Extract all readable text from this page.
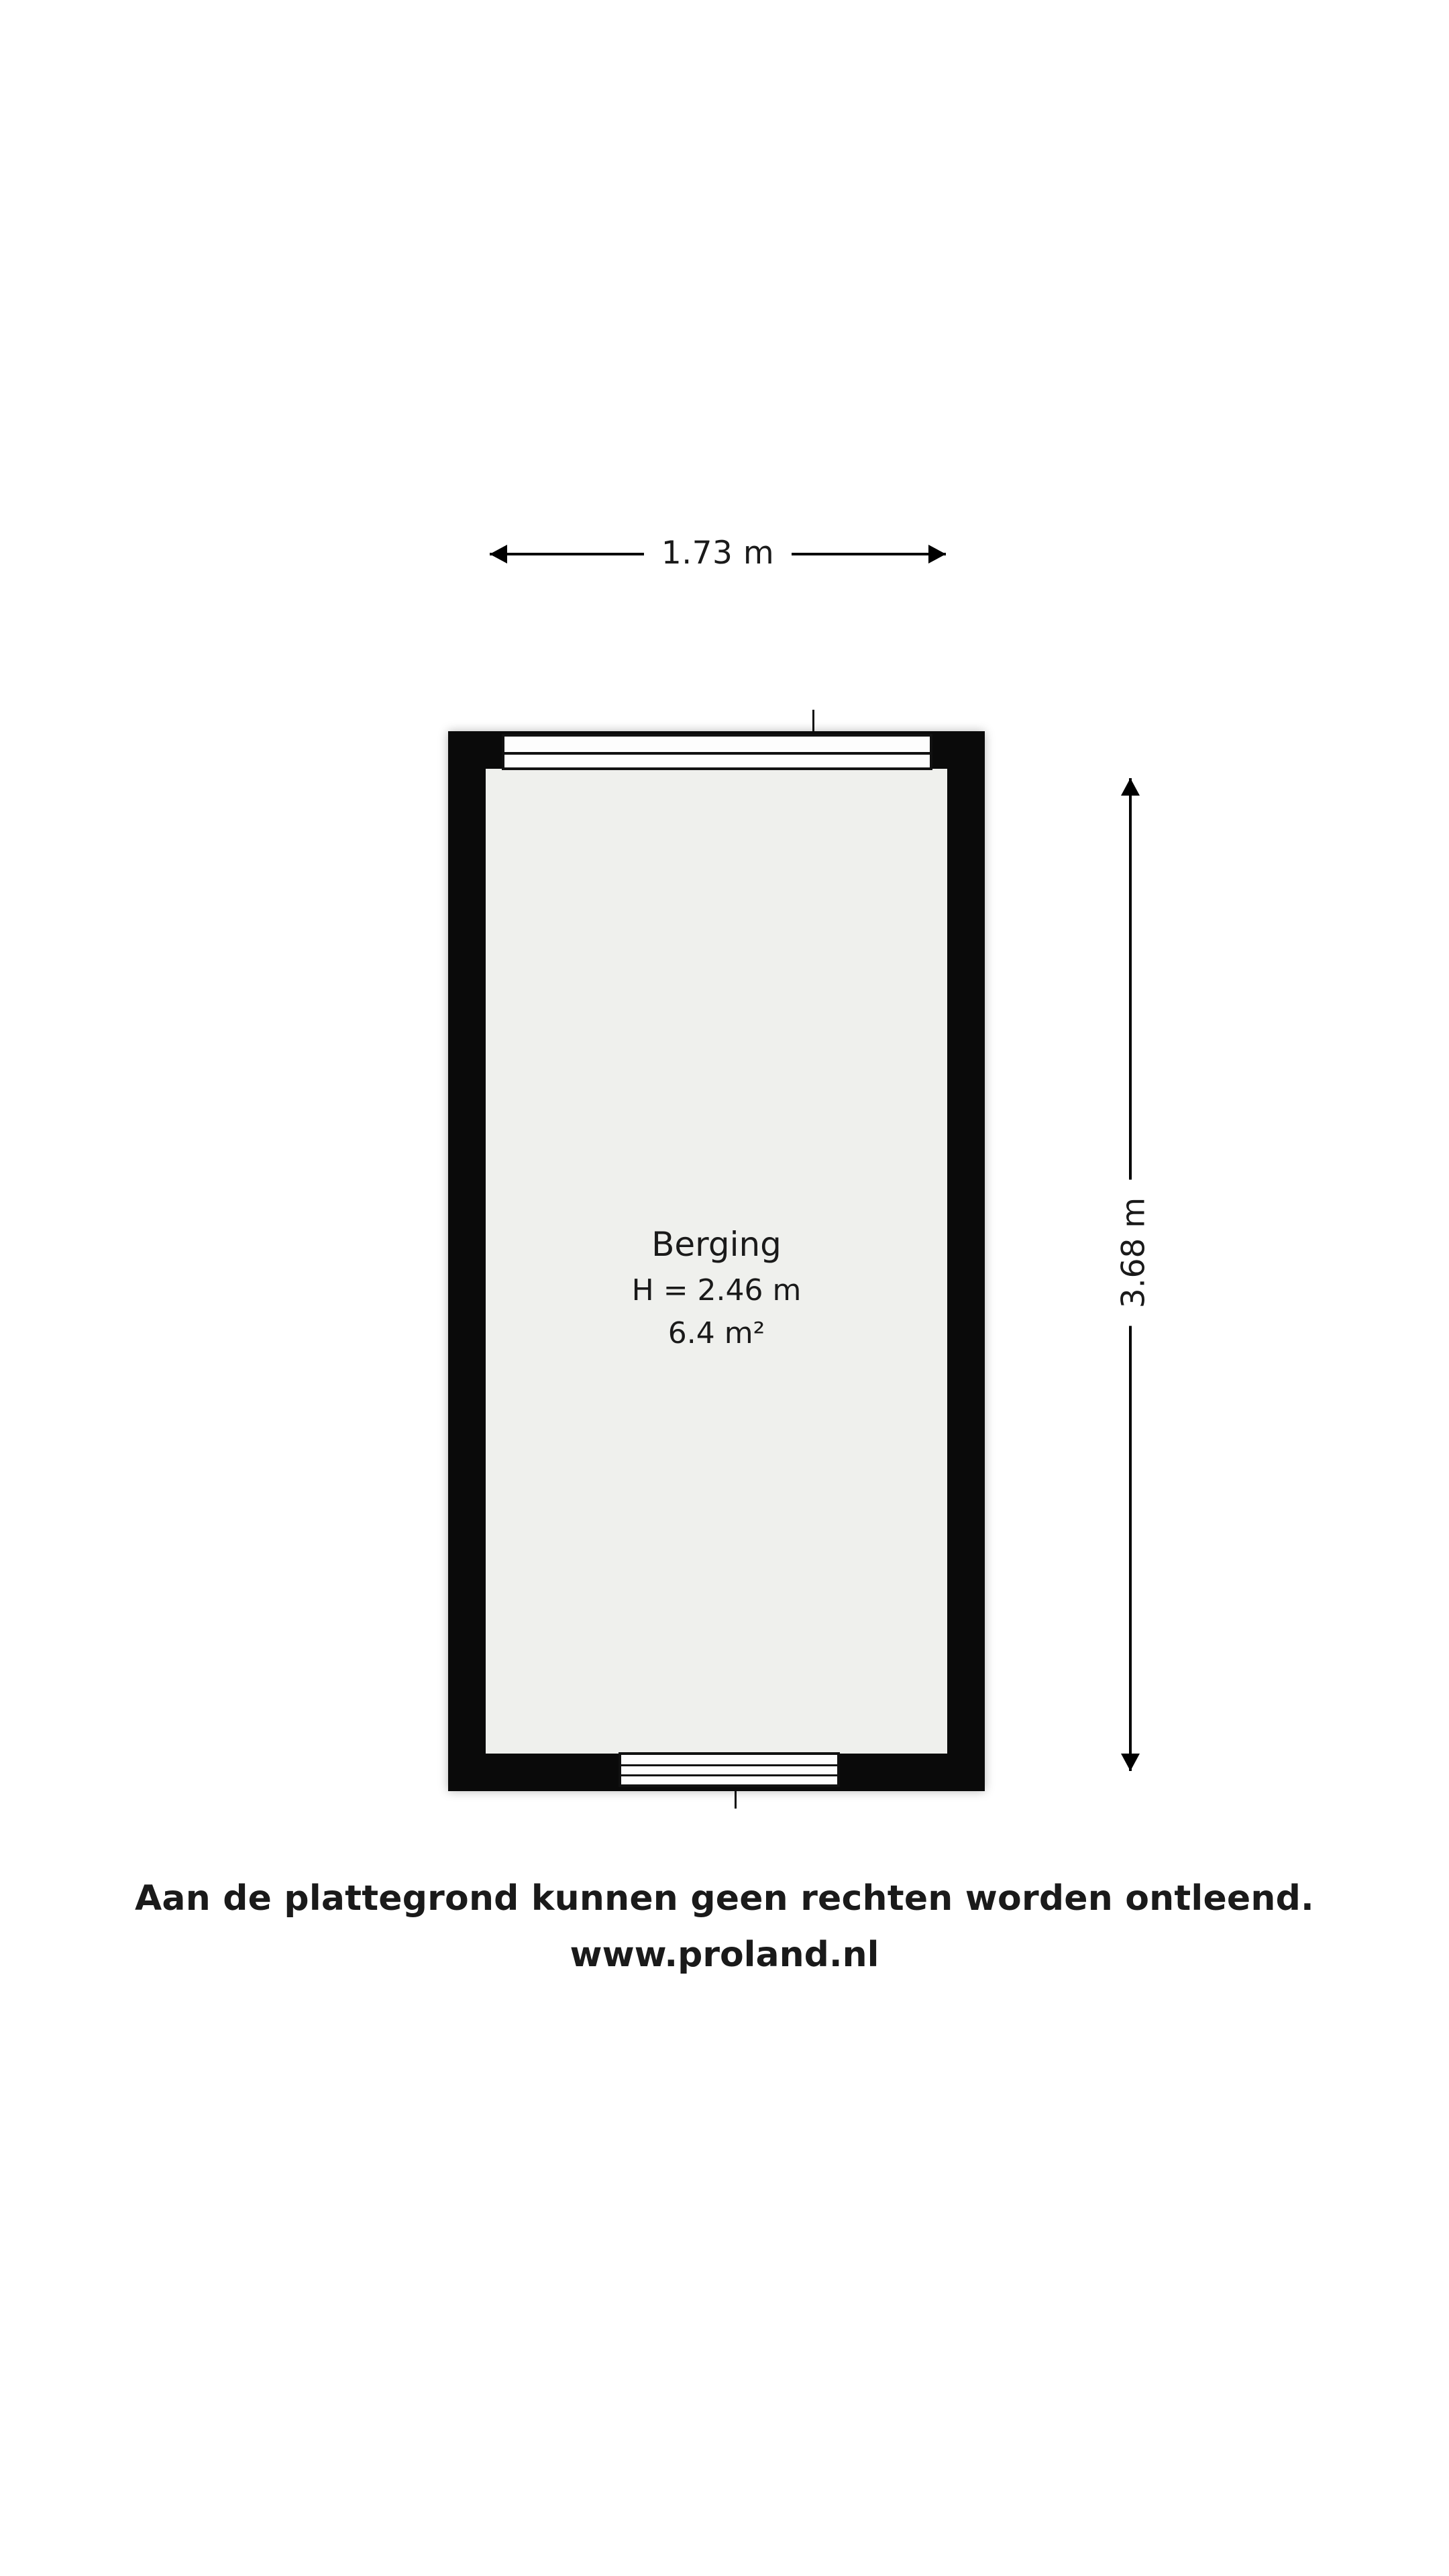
1.73 m
3.68 m
Berging
H = 2.46 m
6.4 m²
Aan de plattegrond kunnen geen rechten worden ontleend.
www.proland.nl
